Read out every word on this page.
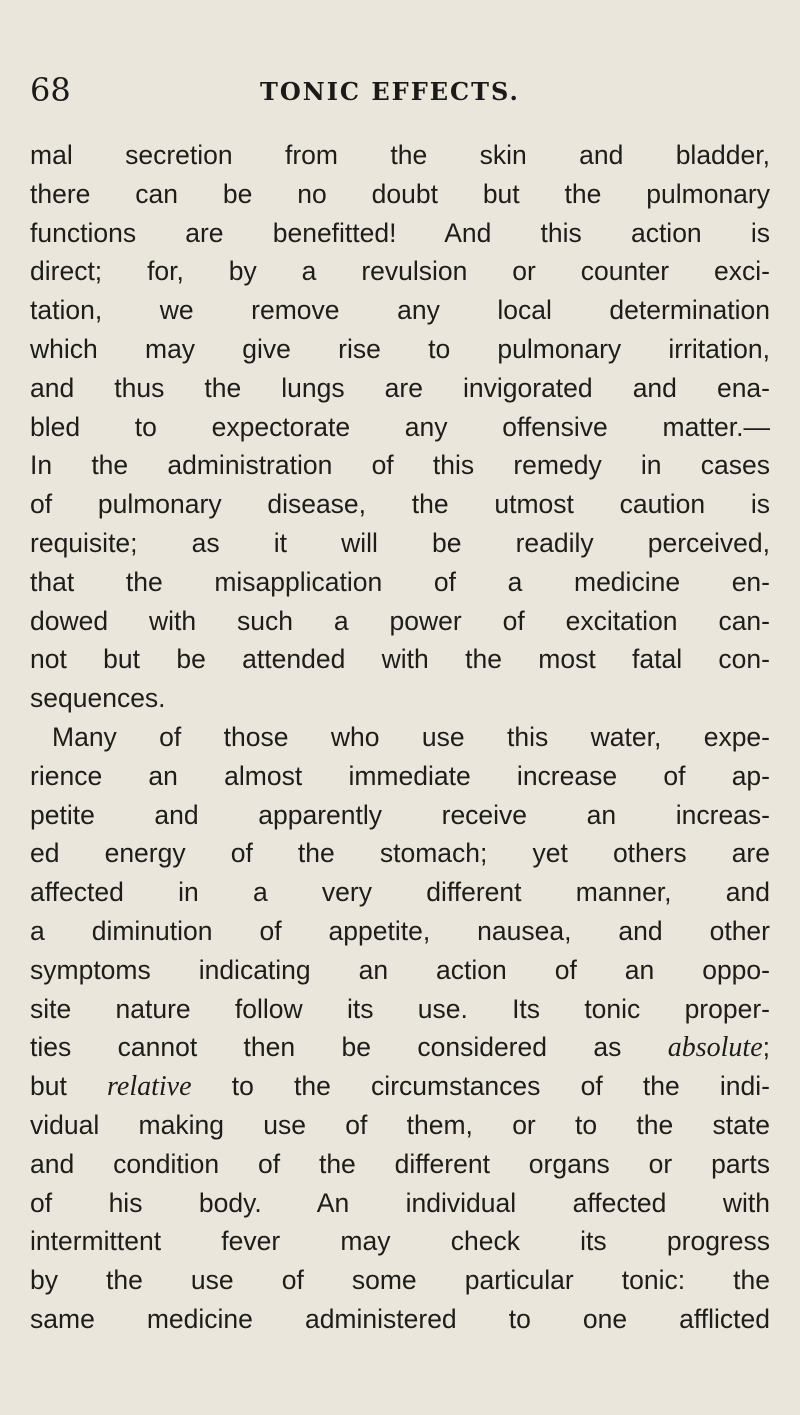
68	TONIC EFFECTS.
mal secretion from the skin and bladder,
there can be no doubt but the pulmonary
functions are benefitted! And this action is
direct; for, by a revulsion or counter exci-
tation, we remove any local determination
which may give rise to pulmonary irritation,
and thus the lungs are invigorated and ena-
bled to expectorate any offensive matter.—
In the administration of this remedy in cases
of pulmonary disease, the utmost caution is
requisite; as it will be readily perceived,
that the misapplication of a medicine en-
dowed with such a power of excitation can-
not but be attended with the most fatal con-
sequences.
Many of those who use this water, expe-
rience an almost immediate increase of ap-
petite and apparently receive an increas-
ed energy of the stomach; yet others are
affected in a very different manner, and
a diminution of appetite, nausea, and other
symptoms indicating an action of an oppo-
site nature follow its use. Its tonic proper-
ties cannot then be considered as absolute;
but relative to the circumstances of the indi-
vidual making use of them, or to the state
and condition of the different organs or parts
of his body. An individual affected with
intermittent fever may check its progress
by the use of some particular tonic: the
same medicine administered to one afflicted
